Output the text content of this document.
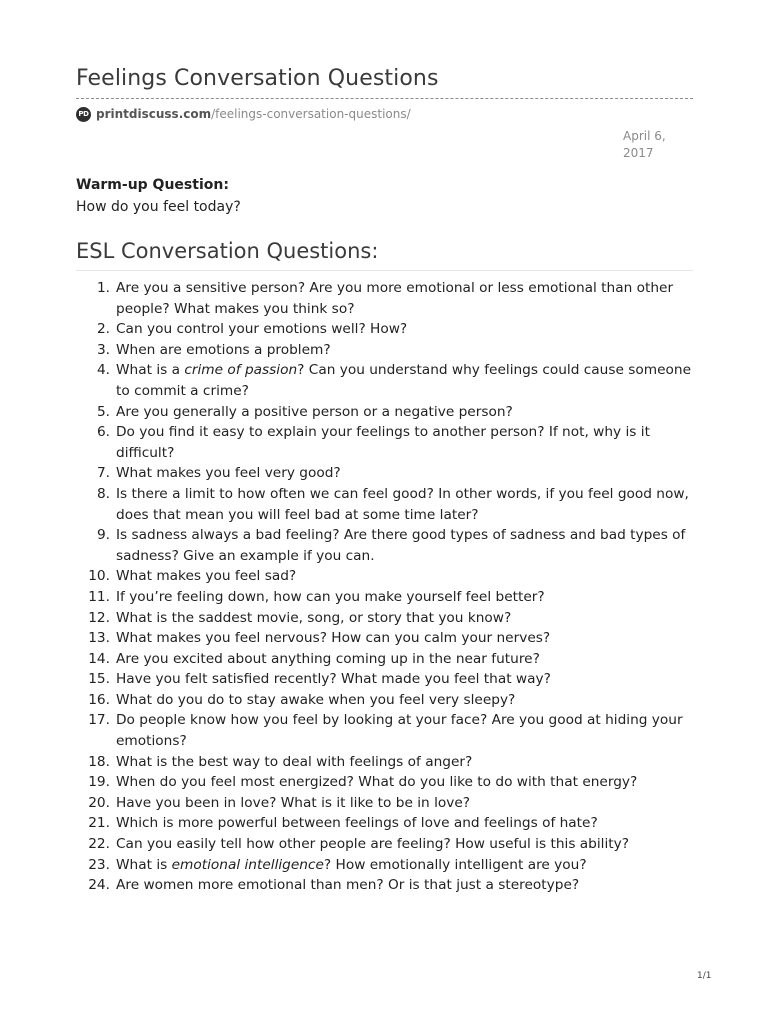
Feelings Conversation Questions
PD printdiscuss.com /feelings-conversation-questions/
April 6,
2017
Warm-up Question:
How do you feel today?
ESL Conversation Questions:
1. Are you a sensitive person? Are you more emotional or less emotional than other people? What makes you think so?
2. Can you control your emotions well? How?
3. When are emotions a problem?
4. What is a crime of passion? Can you understand why feelings could cause someone to commit a crime?
5. Are you generally a positive person or a negative person?
6. Do you find it easy to explain your feelings to another person? If not, why is it difficult?
7. What makes you feel very good?
8. Is there a limit to how often we can feel good? In other words, if you feel good now, does that mean you will feel bad at some time later?
9. Is sadness always a bad feeling? Are there good types of sadness and bad types of sadness? Give an example if you can.
10. What makes you feel sad?
11. If you’re feeling down, how can you make yourself feel better?
12. What is the saddest movie, song, or story that you know?
13. What makes you feel nervous? How can you calm your nerves?
14. Are you excited about anything coming up in the near future?
15. Have you felt satisfied recently? What made you feel that way?
16. What do you do to stay awake when you feel very sleepy?
17. Do people know how you feel by looking at your face? Are you good at hiding your emotions?
18. What is the best way to deal with feelings of anger?
19. When do you feel most energized? What do you like to do with that energy?
20. Have you been in love? What is it like to be in love?
21. Which is more powerful between feelings of love and feelings of hate?
22. Can you easily tell how other people are feeling? How useful is this ability?
23. What is emotional intelligence? How emotionally intelligent are you?
24. Are women more emotional than men? Or is that just a stereotype?
1/1
